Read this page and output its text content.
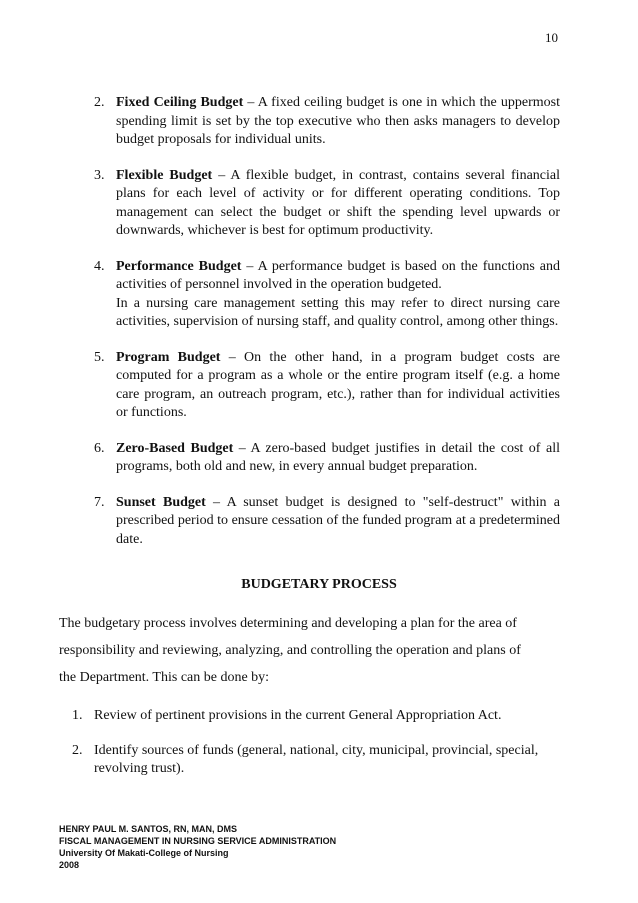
10
2. Fixed Ceiling Budget – A fixed ceiling budget is one in which the uppermost spending limit is set by the top executive who then asks managers to develop budget proposals for individual units.
3. Flexible Budget – A flexible budget, in contrast, contains several financial plans for each level of activity or for different operating conditions. Top management can select the budget or shift the spending level upwards or downwards, whichever is best for optimum productivity.
4. Performance Budget – A performance budget is based on the functions and activities of personnel involved in the operation budgeted.
In a nursing care management setting this may refer to direct nursing care activities, supervision of nursing staff, and quality control, among other things.
5. Program Budget – On the other hand, in a program budget costs are computed for a program as a whole or the entire program itself (e.g. a home care program, an outreach program, etc.), rather than for individual activities or functions.
6. Zero-Based Budget – A zero-based budget justifies in detail the cost of all programs, both old and new, in every annual budget preparation.
7. Sunset Budget – A sunset budget is designed to "self-destruct" within a prescribed period to ensure cessation of the funded program at a predetermined date.
BUDGETARY PROCESS
The budgetary process involves determining and developing a plan for the area of
responsibility and reviewing, analyzing, and controlling the operation and plans of
the Department. This can be done by:
1. Review of pertinent provisions in the current General Appropriation Act.
2. Identify sources of funds (general, national, city, municipal, provincial, special, revolving trust).
HENRY PAUL M. SANTOS, RN, MAN, DMS
FISCAL MANAGEMENT IN NURSING SERVICE ADMINISTRATION
University Of Makati-College of Nursing
2008
